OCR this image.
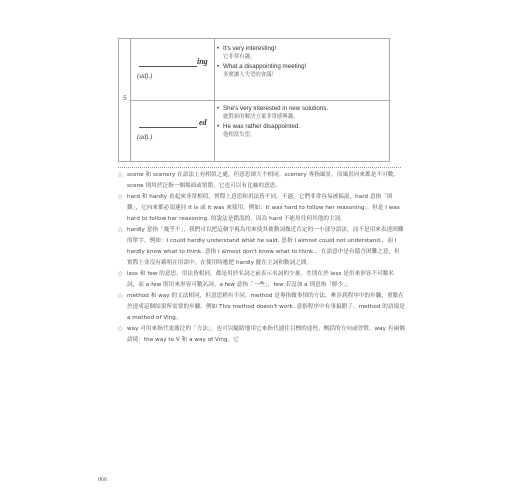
5
ing
(adj.)
• It's very interesting!
它非常有趣。
• What a disappointing meeting!
多麼讓人失望的會議！
ed
(adj.)
• She's very interested in new solutions.
她對新的解決方案非常感興趣。
• He was rather disappointed.
他相當失望。
☆ scene 和 scenery 在語法上有相似之處，但意思卻大不相同。scenery 專指風景，而風景向來都是不可數。scene 則用於泛指一個場面或情節，它也可以有比喻的意思。
☆ hard 和 hardly 看起來非常相似，實際上意思和用法皆不同。不過，它們非常容易被搞混。hard 意指「困難」，它向來都必須連同 it is 或 it was 來使用。例如：It was hard to follow her reasoning.。但是 I was hard to follow her reasoning. 的說法是錯誤的，因為 hard 不能用往何其他的主詞。
☆ hardly 意指「幾乎不」，我們可以把這個字視為用來使其後動詞幾近否定的一小部分語法，而不是用來表達困難的單字。例如：I could hardly understand what he said. 意指 I almost could not understand.，而 I hardly know what to think. 意指 I almost don't know what to think.。在語意中是有隱含困難之意，但實際上並沒有載明在用語中。在使用時應把 hardly 擺在主詞和動詞之間。
☆ less 和 few 的意思、用法皆相同，都是用於名詞之前表示名詞的少量。差別在於 less 是用來形容不可數名詞，而 a few 則用來形容可數名詞。a few 意指「一些」，few 若沒加 a 則意指「鮮少」。
☆ method 和 way 的文法相同，但意思稍有不同。method 是專指做事情的方法，牽涉到程序中的步驟，重點在於達成這個結果所需要的步驟。例如 This method doesn't work. 意指程序中有事搞錯了。method 的語境是 a method of Ving。
☆ way 可用來指代更廣泛的「方法」，也可以隨睛地用它來指代通往目標的途徑、概括的方向或習慣。way 有兩個語境：the way to V 和 a way of Ving。它
066
